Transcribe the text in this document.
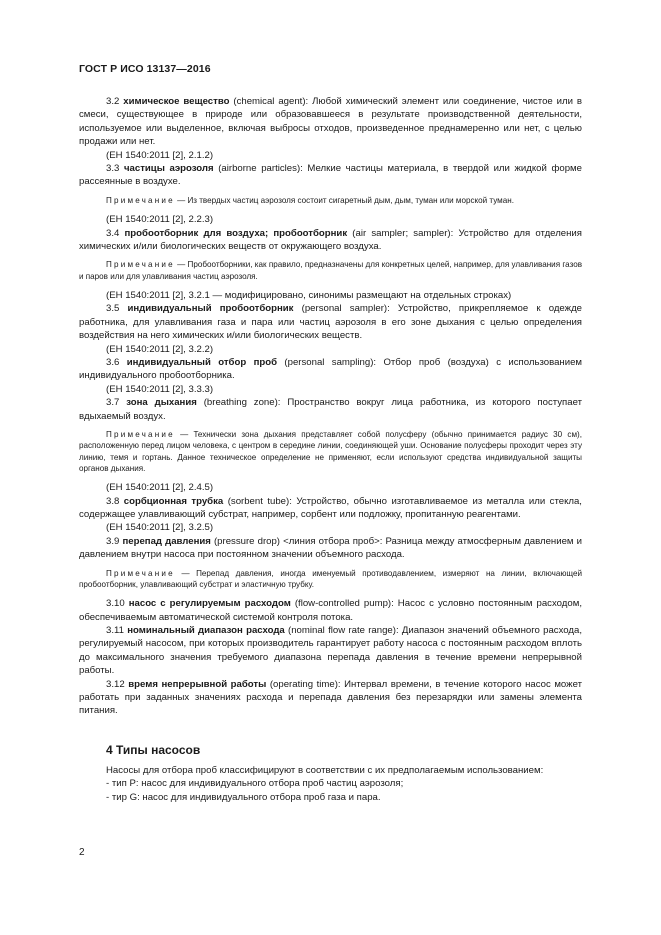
ГОСТ Р ИСО 13137—2016

3.2 химическое вещество (chemical agent): Любой химический элемент или соединение, чистое или в смеси, существующее в природе или образовавшееся в результате производственной деятельности, используемое или выделенное, включая выбросы отходов, произведенное преднамеренно или нет, с целью продажи или нет.

(ЕН 1540:2011 [2], 2.1.2)

3.3 частицы аэрозоля (airborne particles): Мелкие частицы материала, в твердой или жидкой форме рассеянные в воздухе.

Примечание — Из твердых частиц аэрозоля состоит сигаретный дым, дым, туман или морской туман.

(ЕН 1540:2011 [2], 2.2.3)

3.4 пробоотборник для воздуха; пробоотборник (air sampler; sampler): Устройство для отделения химических и/или биологических веществ от окружающего воздуха.

Примечание — Пробоотборники, как правило, предназначены для конкретных целей, например, для улавливания газов и паров или для улавливания частиц аэрозоля.

(ЕН 1540:2011 [2], 3.2.1 — модифицировано, синонимы размещают на отдельных строках)

3.5 индивидуальный пробоотборник (personal sampler): Устройство, прикрепляемое к одежде работника, для улавливания газа и пара или частиц аэрозоля в его зоне дыхания с целью определения воздействия на него химических и/или биологических веществ.

(ЕН 1540:2011 [2], 3.2.2)

3.6 индивидуальный отбор проб (personal sampling): Отбор проб (воздуха) с использованием индивидуального пробоотборника.

(ЕН 1540:2011 [2], 3.3.3)

3.7 зона дыхания (breathing zone): Пространство вокруг лица работника, из которого поступает вдыхаемый воздух.

Примечание — Технически зона дыхания представляет собой полусферу (обычно принимается радиус 30 см), расположенную перед лицом человека, с центром в середине линии, соединяющей уши. Основание полусферы проходит через эту линию, темя и гортань. Данное техническое определение не применяют, если используют средства индивидуальной защиты органов дыхания.

(ЕН 1540:2011 [2], 2.4.5)

3.8 сорбционная трубка (sorbent tube): Устройство, обычно изготавливаемое из металла или стекла, содержащее улавливающий субстрат, например, сорбент или подложку, пропитанную реагентами.

(ЕН 1540:2011 [2], 3.2.5)

3.9 перепад давления (pressure drop) <линия отбора проб>: Разница между атмосферным давлением и давлением внутри насоса при постоянном значении объемного расхода.

Примечание — Перепад давления, иногда именуемый противодавлением, измеряют на линии, включающей пробоотборник, улавливающий субстрат и эластичную трубку.

3.10 насос с регулируемым расходом (flow-controlled pump): Насос с условно постоянным расходом, обеспечиваемым автоматической системой контроля потока.

3.11 номинальный диапазон расхода (nominal flow rate range): Диапазон значений объемного расхода, регулируемый насосом, при которых производитель гарантирует работу насоса с постоянным расходом вплоть до максимального значения требуемого диапазона перепада давления в течение времени непрерывной работы.

3.12 время непрерывной работы (operating time): Интервал времени, в течение которого насос может работать при заданных значениях расхода и перепада давления без перезарядки или замены элемента питания.

4 Типы насосов

Насосы для отбора проб классифицируют в соответствии с их предполагаемым использованием:

- тип P: насос для индивидуального отбора проб частиц аэрозоля;

- тир G: насос для индивидуального отбора проб газа и пара.

2
